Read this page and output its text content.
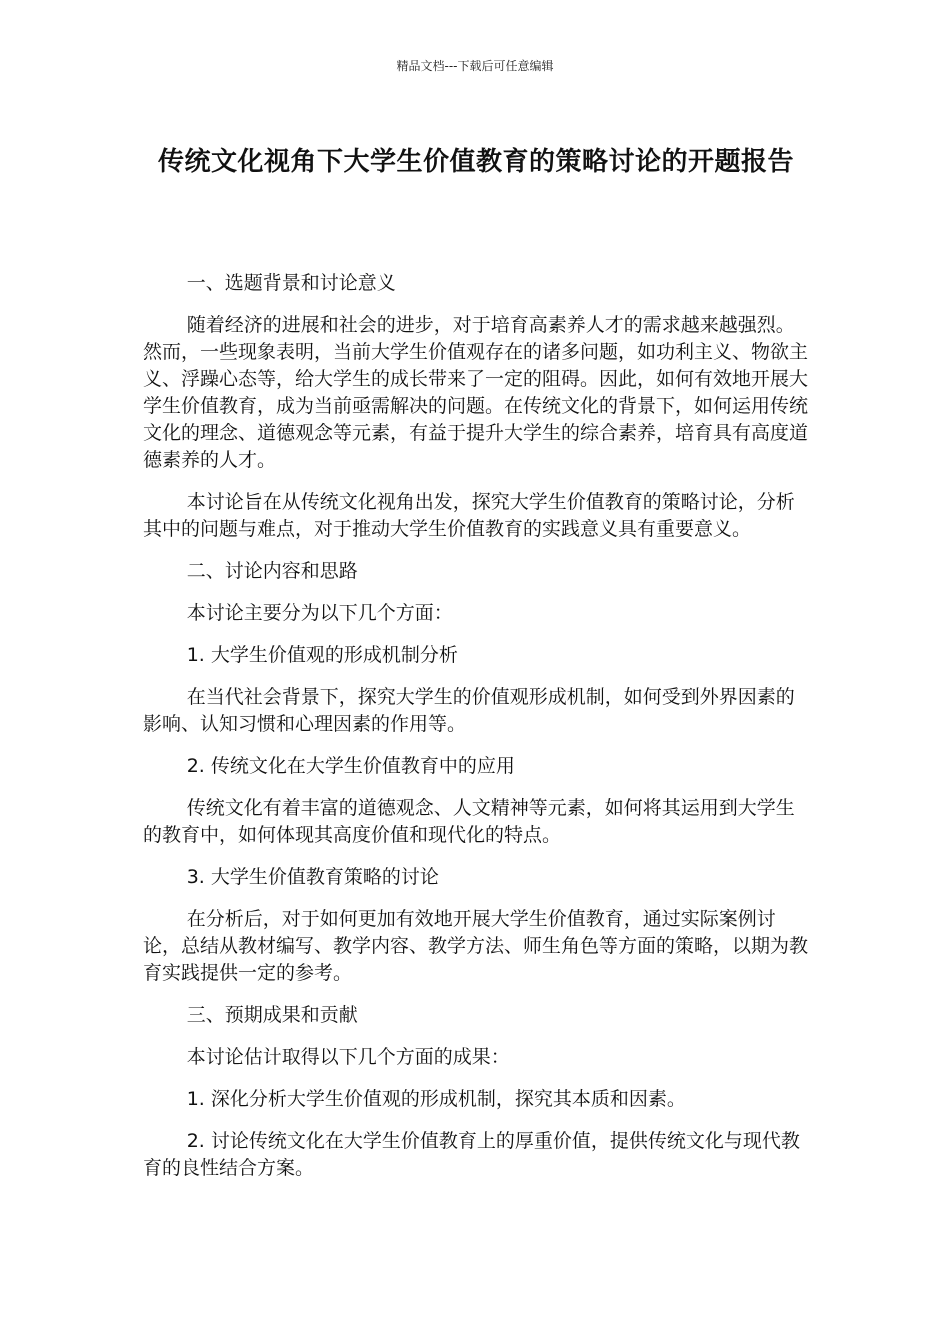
精品文档---下载后可任意编辑
传统文化视角下大学生价值教育的策略讨论的开题报告

一、选题背景和讨论意义

随着经济的进展和社会的进步，对于培育高素养人才的需求越来越强烈。然而，一些现象表明，当前大学生价值观存在的诸多问题，如功利主义、物欲主义、浮躁心态等，给大学生的成长带来了一定的阻碍。因此，如何有效地开展大学生价值教育，成为当前亟需解决的问题。在传统文化的背景下，如何运用传统文化的理念、道德观念等元素，有益于提升大学生的综合素养，培育具有高度道德素养的人才。

本讨论旨在从传统文化视角出发，探究大学生价值教育的策略讨论，分析其中的问题与难点，对于推动大学生价值教育的实践意义具有重要意义。

二、讨论内容和思路

本讨论主要分为以下几个方面：

1. 大学生价值观的形成机制分析

在当代社会背景下，探究大学生的价值观形成机制，如何受到外界因素的影响、认知习惯和心理因素的作用等。

2. 传统文化在大学生价值教育中的应用

传统文化有着丰富的道德观念、人文精神等元素，如何将其运用到大学生的教育中，如何体现其高度价值和现代化的特点。

3. 大学生价值教育策略的讨论

在分析后，对于如何更加有效地开展大学生价值教育，通过实际案例讨论，总结从教材编写、教学内容、教学方法、师生角色等方面的策略，以期为教育实践提供一定的参考。

三、预期成果和贡献

本讨论估计取得以下几个方面的成果：

1. 深化分析大学生价值观的形成机制，探究其本质和因素。

2. 讨论传统文化在大学生价值教育上的厚重价值，提供传统文化与现代教育的良性结合方案。
